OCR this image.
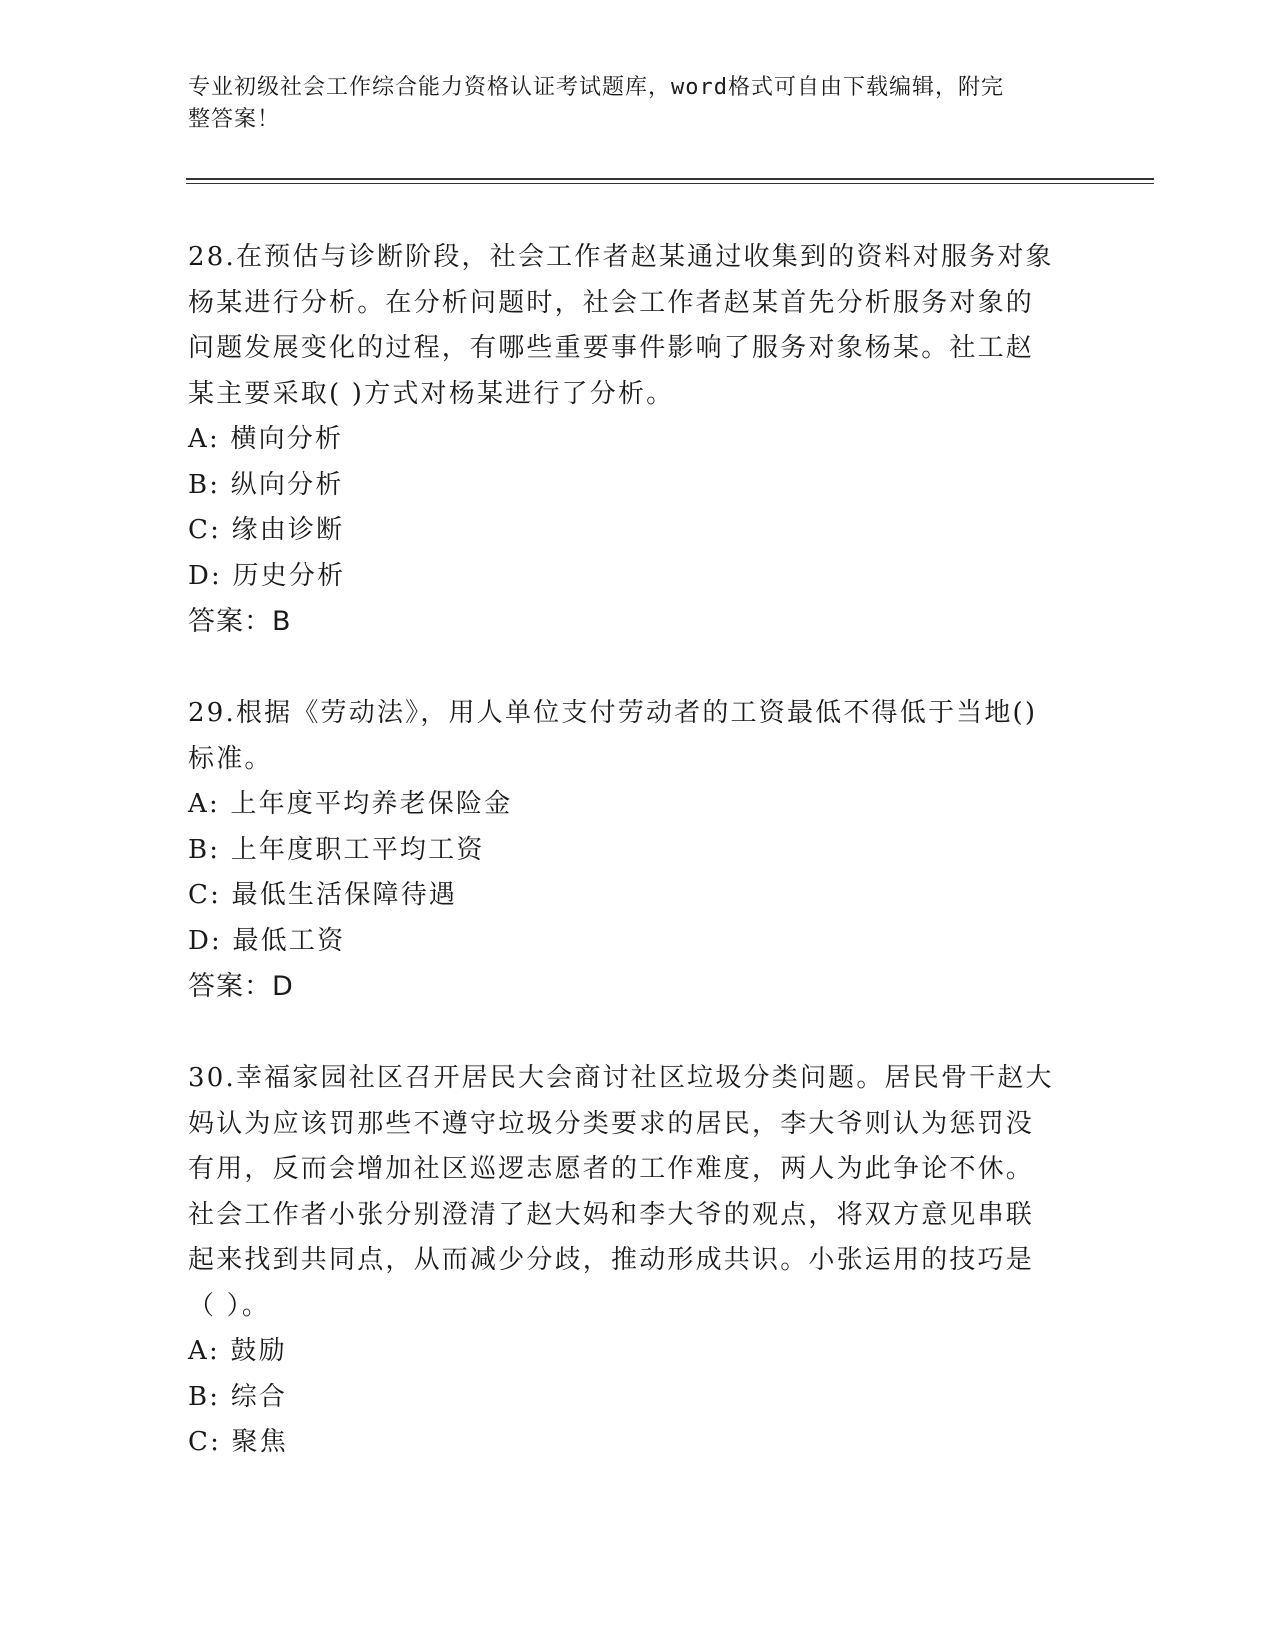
专业初级社会工作综合能力资格认证考试题库，word格式可自由下载编辑，附完
整答案！

28.在预估与诊断阶段，社会工作者赵某通过收集到的资料对服务对象

杨某进行分析。在分析问题时，社会工作者赵某首先分析服务对象的

问题发展变化的过程，有哪些重要事件影响了服务对象杨某。社工赵

某主要采取( )方式对杨某进行了分析。

A: 横向分析

B: 纵向分析

C: 缘由诊断

D: 历史分析

答案：B

29.根据《劳动法》，用人单位支付劳动者的工资最低不得低于当地()

标准。

A: 上年度平均养老保险金

B: 上年度职工平均工资

C: 最低生活保障待遇

D: 最低工资

答案：D

30.幸福家园社区召开居民大会商讨社区垃圾分类问题。居民骨干赵大

妈认为应该罚那些不遵守垃圾分类要求的居民，李大爷则认为惩罚没

有用，反而会增加社区巡逻志愿者的工作难度，两人为此争论不休。

社会工作者小张分别澄清了赵大妈和李大爷的观点，将双方意见串联

起来找到共同点，从而减少分歧，推动形成共识。小张运用的技巧是

（ ）。

A: 鼓励

B: 综合

C: 聚焦
